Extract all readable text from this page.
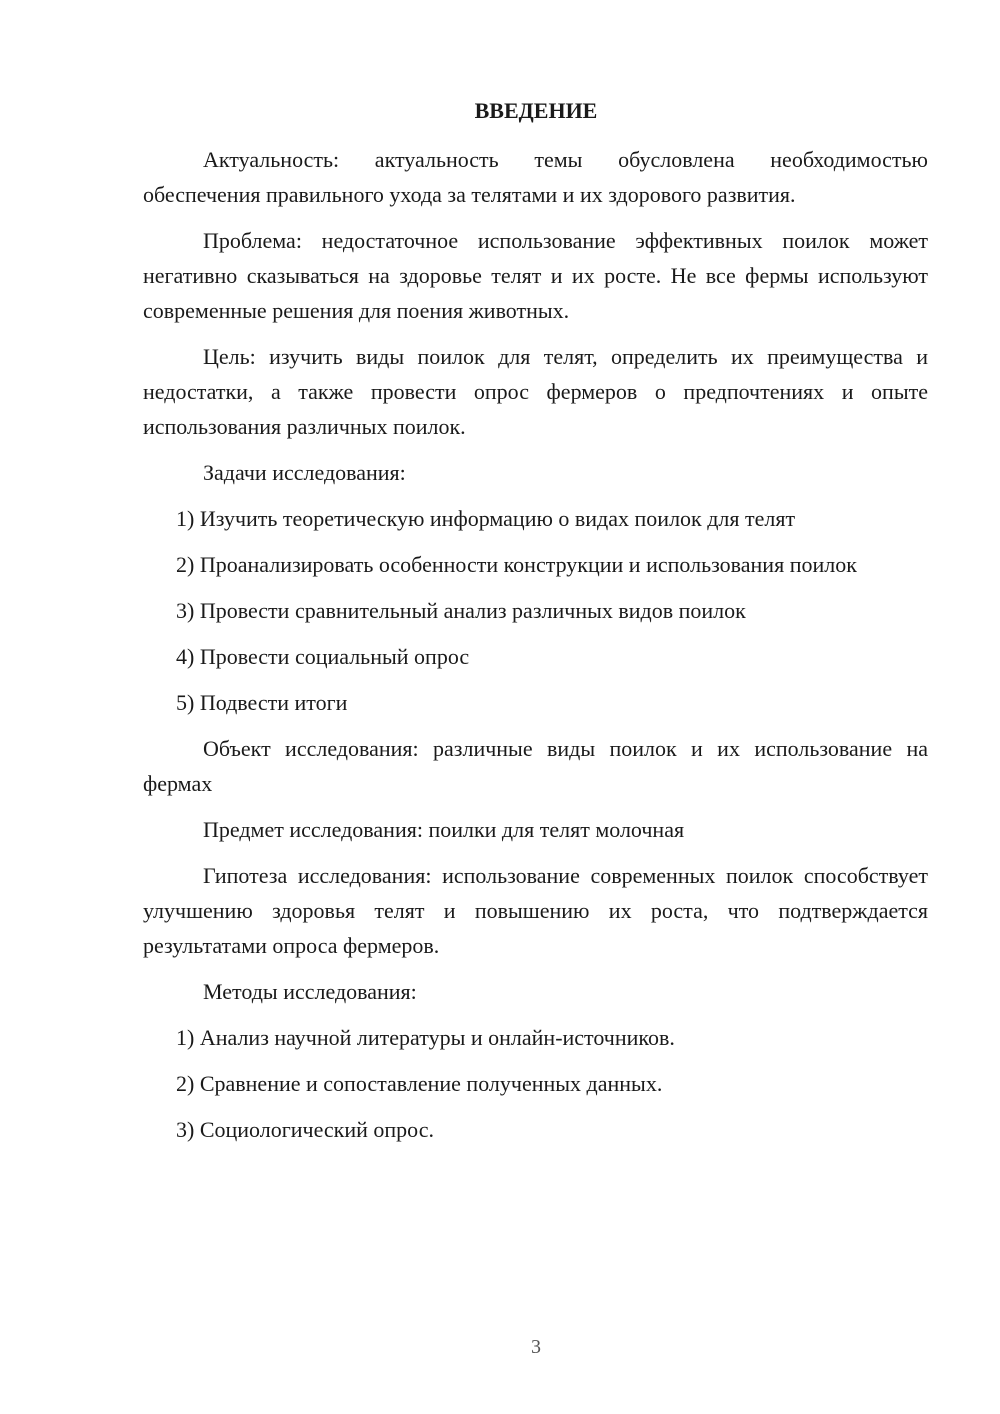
ВВЕДЕНИЕ

Актуальность: актуальность темы обусловлена необходимостью обеспечения правильного ухода за телятами и их здорового развития.

Проблема: недостаточное использование эффективных поилок может негативно сказываться на здоровье телят и их росте. Не все фермы используют современные решения для поения животных.

Цель: изучить виды поилок для телят, определить их преимущества и недостатки, а также провести опрос фермеров о предпочтениях и опыте использования различных поилок.

Задачи исследования:

1) Изучить теоретическую информацию о видах поилок для телят

2) Проанализировать особенности конструкции и использования поилок

3) Провести сравнительный анализ различных видов поилок

4) Провести социальный опрос

5) Подвести итоги

Объект исследования: различные виды поилок и их использование на фермах

Предмет исследования: поилки для телят молочная

Гипотеза исследования: использование современных поилок способствует улучшению здоровья телят и повышению их роста, что подтверждается результатами опроса фермеров.

Методы исследования:

1) Анализ научной литературы и онлайн-источников.

2) Сравнение и сопоставление полученных данных.

3) Социологический опрос.

3
